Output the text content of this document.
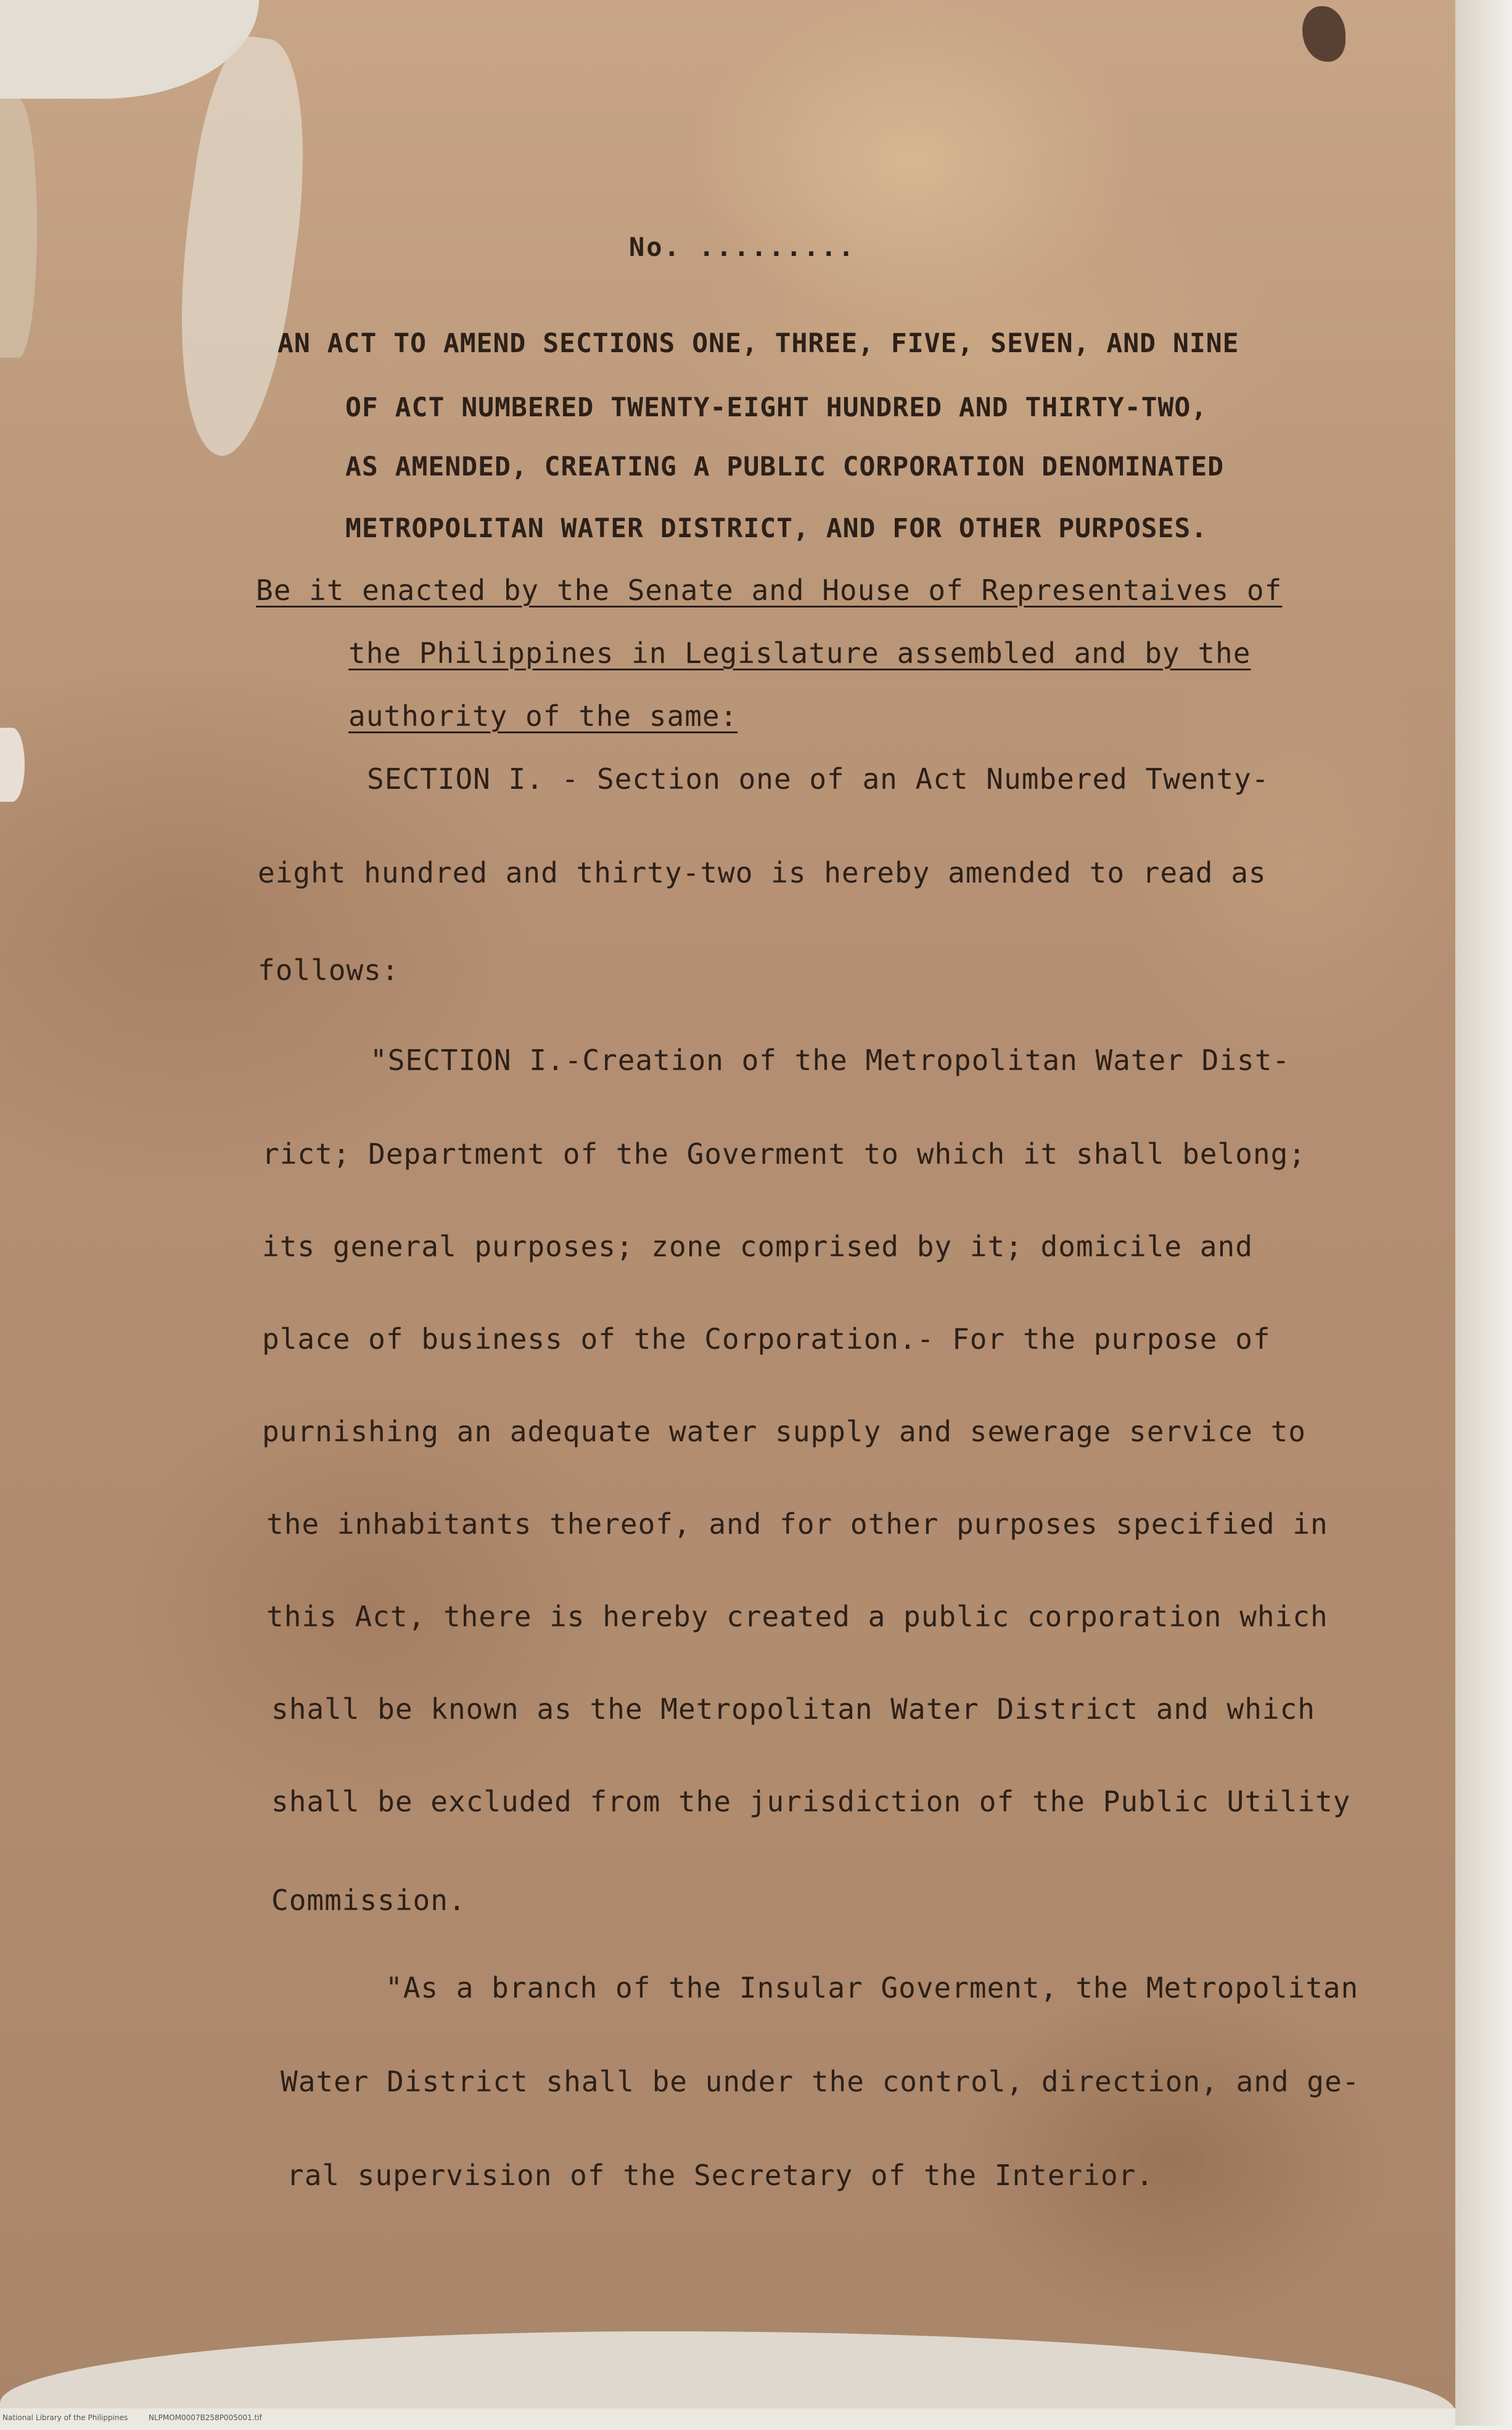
No. .........
AN ACT TO AMEND SECTIONS ONE, THREE, FIVE, SEVEN, AND NINE
OF ACT NUMBERED TWENTY-EIGHT HUNDRED AND THIRTY-TWO,
AS AMENDED, CREATING A PUBLIC CORPORATION DENOMINATED
METROPOLITAN WATER DISTRICT, AND FOR OTHER PURPOSES.
Be it enacted by the Senate and House of Representaives of
the Philippines in Legislature assembled and by the
authority of the same:
SECTION I. - Section one of an Act Numbered Twenty-
eight hundred and thirty-two is hereby amended to read as
follows:
"SECTION I.-Creation of the Metropolitan Water Dist-
rict; Department of the Goverment to which it shall belong;
its general purposes; zone comprised by it; domicile and
place of business of the Corporation.- For the purpose of
purnishing an adequate water supply and sewerage service to
the inhabitants thereof, and for other purposes specified in
this Act, there is hereby created a public corporation which
shall be known as the Metropolitan Water District and which
shall be excluded from the jurisdiction of the Public Utility
Commission.
"As a branch of the Insular Goverment, the Metropolitan
Water District shall be under the control, direction, and ge-
ral supervision of the Secretary of the Interior.
National Library of the Philippines	NLPMOM0007B258P005001.tif
